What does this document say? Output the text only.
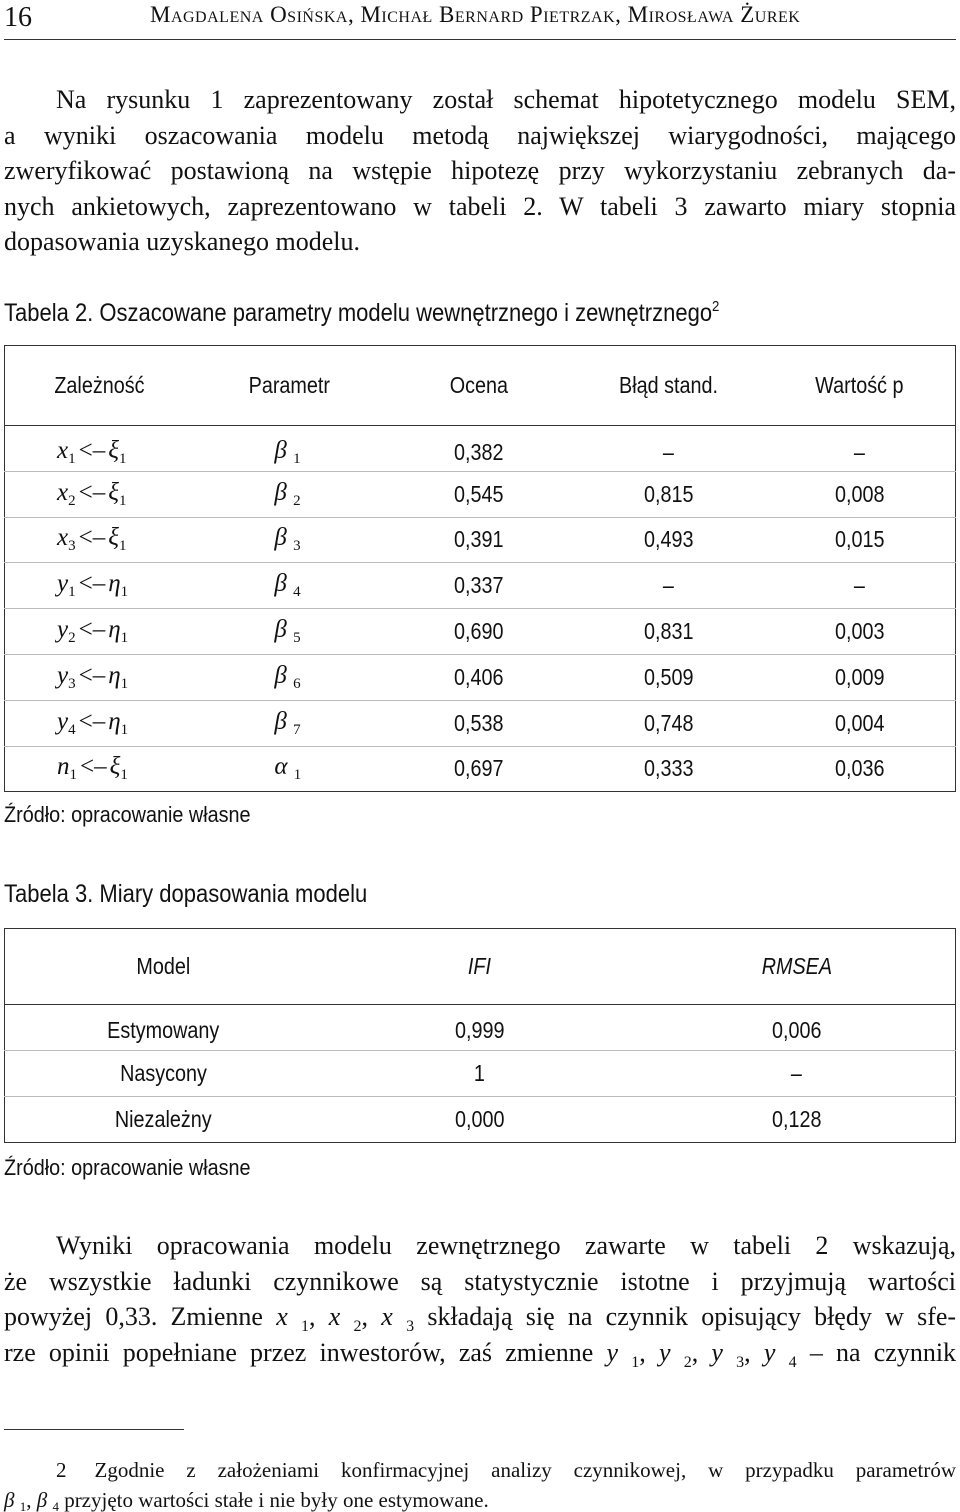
16	Magdalena Osińska, Michał Bernard Pietrzak, Mirosława Żurek
Na rysunku 1 zaprezentowany został schemat hipotetycznego modelu SEM,
a wyniki oszacowania modelu metodą największej wiarygodności, mającego
zweryfikować postawioną na wstępie hipotezę przy wykorzystaniu zebranych da-
nych ankietowych, zaprezentowano w tabeli 2. W tabeli 3 zawarto miary stopnia
dopasowania uzyskanego modelu.
Tabela 2. Oszacowane parametry modelu wewnętrznego i zewnętrznego$^2$
Zależność	Parametr	Ocena	Błąd stand.	Wartość p
$x_1 <- \xi_1$	β $_1$	0,382	–	–
$x_2 <- \xi_1$	β $_2$	0,545	0,815	0,008
$x_3 <- \xi_1$	β $_3$	0,391	0,493	0,015
$y_1 <- \eta_1$	β $_4$	0,337	–	–
$y_2 <- \eta_1$	β $_5$	0,690	0,831	0,003
$y_3 <- \eta_1$	β $_6$	0,406	0,509	0,009
$y_4 <- \eta_1$	β $_7$	0,538	0,748	0,004
$n_1 <- \xi_1$	α $_1$	0,697	0,333	0,036
Źródło: opracowanie własne
Tabela 3. Miary dopasowania modelu
Model	IFI	RMSEA
Estymowany	0,999	0,006
Nasycony	1	–
Niezależny	0,000	0,128
Źródło: opracowanie własne
Wyniki opracowania modelu zewnętrznego zawarte w tabeli 2 wskazują,
że wszystkie ładunki czynnikowe są statystycznie istotne i przyjmują wartości
powyżej 0,33. Zmienne x $_1$, x $_2$, x $_3$ składają się na czynnik opisujący błędy w sfe-
rze opinii popełniane przez inwestorów, zaś zmienne y $_1$, y $_2$, y $_3$, y $_4$ – na czynnik
2 Zgodnie z założeniami konfirmacyjnej analizy czynnikowej, w przypadku parametrów
β $_1$, β $_4$ przyjęto wartości stałe i nie były one estymowane.
